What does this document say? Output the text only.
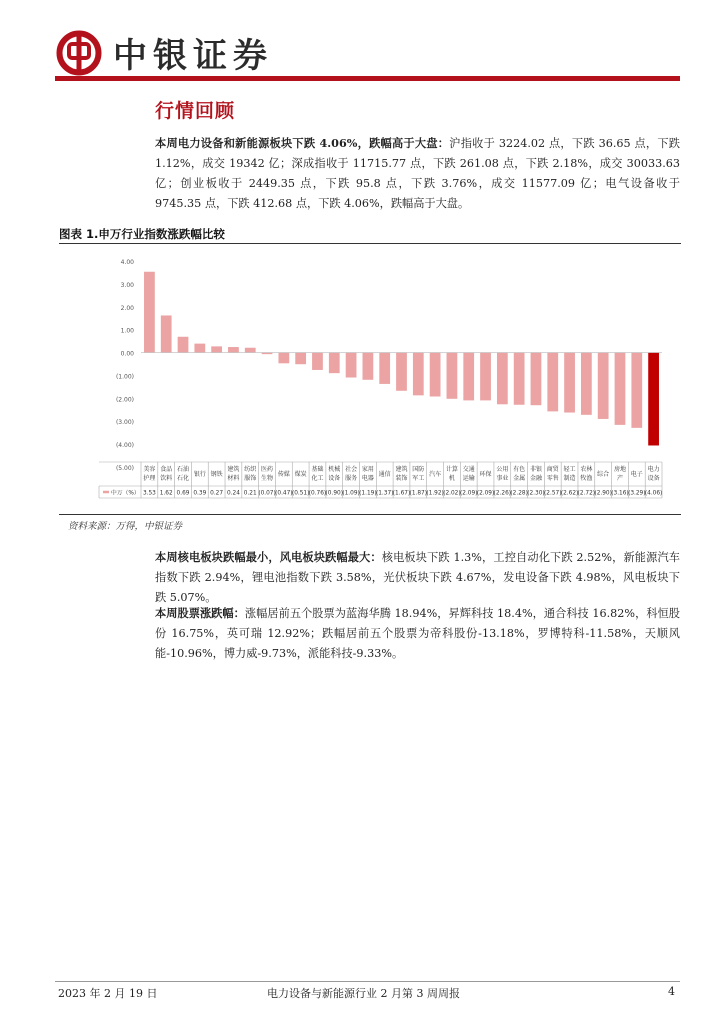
中银证券
行情回顾
本周电力设备和新能源板块下跌 4.06%，跌幅高于大盘：沪指收于 3224.02 点，下跌 36.65 点，下跌 1.12%，成交 19342 亿；深成指收于 11715.77 点，下跌 261.08 点，下跌 2.18%，成交 30033.63 亿；创业板收于 2449.35 点，下跌 95.8 点，下跌 3.76%，成交 11577.09 亿；电气设备收于 9745.35 点，下跌 412.68 点，下跌 4.06%，跌幅高于大盘。
图表 1.申万行业指数涨跌幅比较
4.00
3.00
2.00
1.00
0.00
(1.00)
(2.00)
(3.00)
(4.00)
(5.00) 美容
护理
食品
饮料
石油
石化
银行 钢铁
建筑
材料
纺织
服饰
医药
生物
传媒 煤炭
基础
化工
机械
设备
社会
服务
家用
电器
通信
建筑
装饰
国防
军工
汽车
计算
机
交通
运输
环保
公用
事业
有色
金属
非银
金融
商贸
零售
轻工
制造
农林
牧渔
综合
房地
产
电子
电力
设备
中万（%） 3.53 1.62 0.69 0.39 0.27 0.24 0.21 (0.07) (0.47) (0.51) (0.76) (0.90) (1.09) (1.19) (1.37) (1.67) (1.87) (1.92) (2.02) (2.09) (2.09) (2.26) (2.28) (2.30) (2.57) (2.62) (2.72) (2.90) (3.16) (3.29) (4.06)
资料来源：万得，中银证券
本周核电板块跌幅最小，风电板块跌幅最大：核电板块下跌 1.3%，工控自动化下跌 2.52%，新能源汽车指数下跌 2.94%，锂电池指数下跌 3.58%，光伏板块下跌 4.67%，发电设备下跌 4.98%，风电板块下跌 5.07%。
本周股票涨跌幅：涨幅居前五个股票为蓝海华腾 18.94%，昇辉科技 18.4%，通合科技 16.82%，科恒股份 16.75%，英可瑞 12.92%；跌幅居前五个股票为帝科股份-13.18%，罗博特科-11.58%，天顺风能-10.96%，博力威-9.73%，派能科技-9.33%。
2023 年 2 月 19 日	电力设备与新能源行业 2 月第 3 周周报	4
